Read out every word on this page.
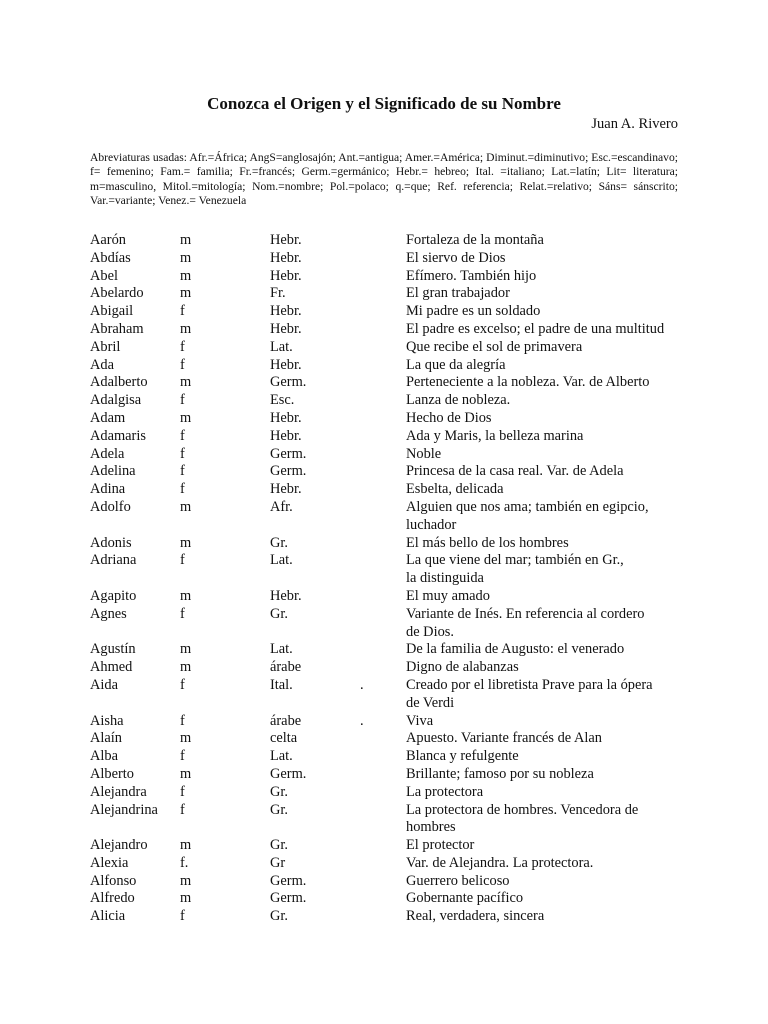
Conozca el Origen y el Significado de su Nombre

Juan A. Rivero

Abreviaturas usadas: Afr.=África; AngS=anglosajón; Ant.=antigua; Amer.=América; Diminut.=diminutivo; Esc.=escandinavo; f= femenino; Fam.= familia; Fr.=francés; Germ.=germánico; Hebr.= hebreo; Ital. =italiano; Lat.=latín; Lit= literatura; m=masculino, Mitol.=mitología; Nom.=nombre; Pol.=polaco; q.=que; Ref. referencia; Relat.=relativo; Sáns= sánscrito; Var.=variante; Venez.= Venezuela

Aarón	m	Hebr.	Fortaleza de la montaña
Abdías	m	Hebr.	El siervo de Dios
Abel	m	Hebr.	Efímero. También hijo
Abelardo	m	Fr.	El gran trabajador
Abigail	f	Hebr.	Mi padre es un soldado
Abraham	m	Hebr.	El padre es excelso; el padre de una multitud
Abril	f	Lat.	Que recibe el sol de primavera
Ada	f	Hebr.	La que da alegría
Adalberto m	Germ.	Perteneciente a la nobleza. Var. de Alberto
Adalgisa	f	Esc.	Lanza de nobleza.
Adam	m	Hebr.	Hecho de Dios
Adamaris f	Hebr.	Ada y Maris, la belleza marina
Adela	f	Germ.	Noble
Adelina	f	Germ.	Princesa de la casa real. Var. de Adela
Adina	f	Hebr.	Esbelta, delicada
Adolfo	m	Afr.	Alguien que nos ama; también en egipcio,
luchador
Adonis	m	Gr.	El más bello de los hombres
Adriana	f	Lat.	La que viene del mar; también en Gr.,
la distinguida
Agapito	m	Hebr.	El muy amado
Agnes	f	Gr.	Variante de Inés. En referencia al cordero
de Dios.
Agustín	m	Lat.	De la familia de Augusto: el venerado
Ahmed	m	árabe	Digno de alabanzas
Aida	f	Ital.	.	Creado por el libretista Prave para la ópera
de Verdi
Aisha	f	árabe	.	Viva
Alaín	m	celta	Apuesto. Variante francés de Alan
Alba	f	Lat.	Blanca y refulgente
Alberto	m	Germ.	Brillante; famoso por su nobleza
Alejandra f	Gr.	La protectora
Alejandrina f	Gr.	La protectora de hombres. Vencedora de
hombres
Alejandro m	Gr.	El protector
Alexia	f.	Gr	Var. de Alejandra. La protectora.
Alfonso	m	Germ.	Guerrero belicoso
Alfredo	m	Germ.	Gobernante pacífico
Alicia	f	Gr.	Real, verdadera, sincera
